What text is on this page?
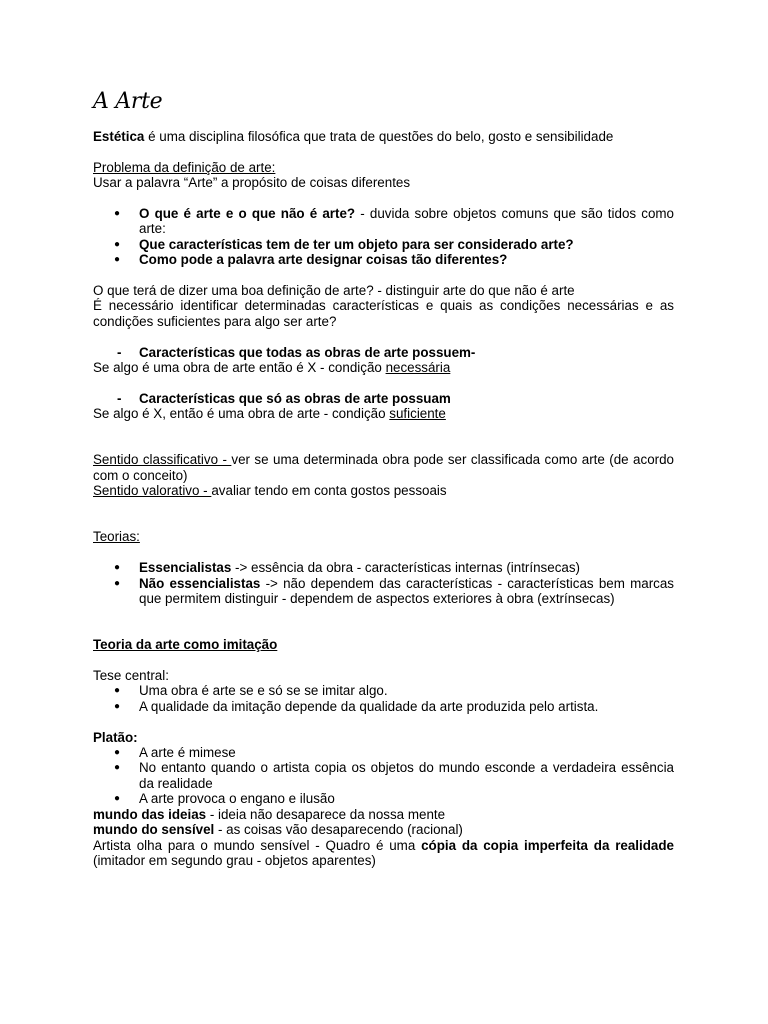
A Arte

Estética é uma disciplina filosófica que trata de questões do belo, gosto e sensibilidade

Problema da definição de arte:

Usar a palavra “Arte” a propósito de coisas diferentes

● O que é arte e o que não é arte? - duvida sobre objetos comuns que são tidos como arte:
● Que características tem de ter um objeto para ser considerado arte?
● Como pode a palavra arte designar coisas tão diferentes?

O que terá de dizer uma boa definição de arte? - distinguir arte do que não é arte

É necessário identificar determinadas características e quais as condições necessárias e as condições suficientes para algo ser arte?

- Características que todas as obras de arte possuem-

Se algo é uma obra de arte então é X - condição necessária

- Características que só as obras de arte possuam

Se algo é X, então é uma obra de arte - condição suficiente

Sentido classificativo - ver se uma determinada obra pode ser classificada como arte (de acordo com o conceito)

Sentido valorativo - avaliar tendo em conta gostos pessoais

Teorias:

● Essencialistas -> essência da obra - características internas (intrínsecas)
● Não essencialistas -> não dependem das características - características bem marcas que permitem distinguir - dependem de aspectos exteriores à obra (extrínsecas)

Teoria da arte como imitação

Tese central:

● Uma obra é arte se e só se se imitar algo.
● A qualidade da imitação depende da qualidade da arte produzida pelo artista.

Platão:

● A arte é mimese
● No entanto quando o artista copia os objetos do mundo esconde a verdadeira essência da realidade
● A arte provoca o engano e ilusão

mundo das ideias - ideia não desaparece da nossa mente

mundo do sensível - as coisas vão desaparecendo (racional)

Artista olha para o mundo sensível - Quadro é uma cópia da copia imperfeita da realidade (imitador em segundo grau - objetos aparentes)
